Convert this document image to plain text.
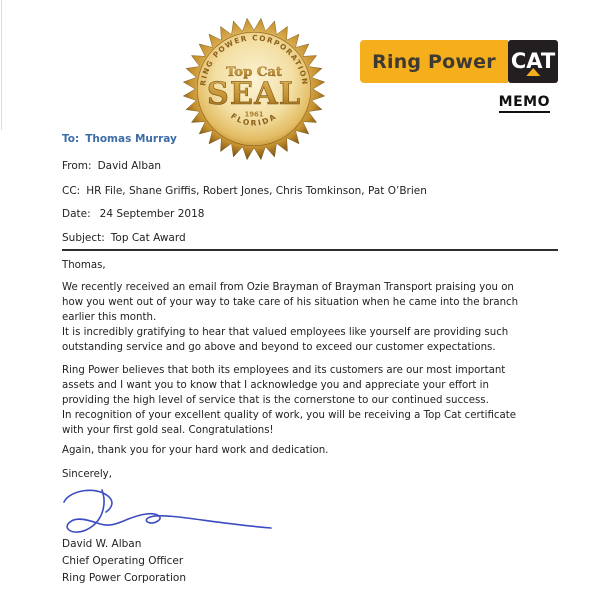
RING POWER CORPORATION
Top Cat
SEAL
1961
FLORIDA
Ring Power CAT
MEMO
To: Thomas Murray
From: David Alban
CC: HR File, Shane Griffis, Robert Jones, Chris Tomkinson, Pat O’Brien
Date: 24 September 2018
Subject: Top Cat Award
Thomas,
We recently received an email from Ozie Brayman of Brayman Transport praising you on
how you went out of your way to take care of his situation when he came into the branch
earlier this month.
It is incredibly gratifying to hear that valued employees like yourself are providing such
outstanding service and go above and beyond to exceed our customer expectations.
Ring Power believes that both its employees and its customers are our most important
assets and I want you to know that I acknowledge you and appreciate your effort in
providing the high level of service that is the cornerstone to our continued success.
In recognition of your excellent quality of work, you will be receiving a Top Cat certificate
with your first gold seal. Congratulations!
Again, thank you for your hard work and dedication.
Sincerely,
David W. Alban
Chief Operating Officer
Ring Power Corporation
